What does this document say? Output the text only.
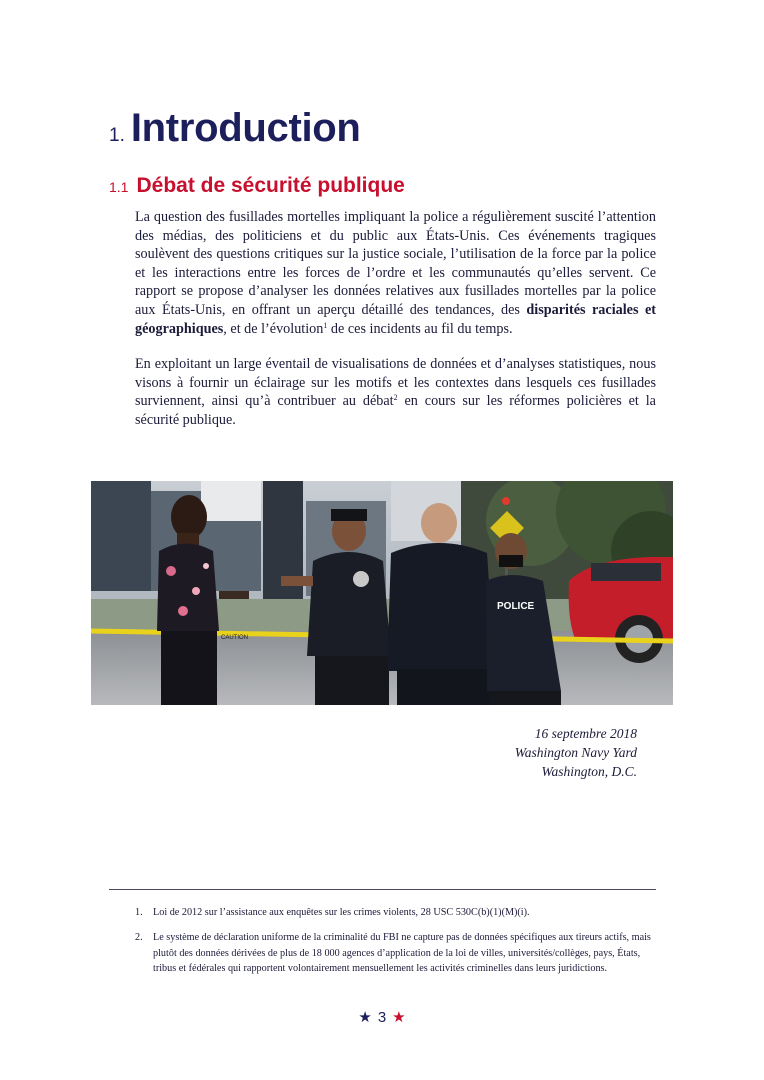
1. Introduction
1.1 Débat de sécurité publique

La question des fusillades mortelles impliquant la police a régulièrement suscité l’attention des médias, des politiciens et du public aux États-Unis. Ces événements tragiques soulèvent des questions critiques sur la justice sociale, l’utilisation de la force par la police et les interactions entre les forces de l’ordre et les communautés qu’elles servent. Ce rapport se propose d’analyser les données relatives aux fusillades mortelles par la police aux États-Unis, en offrant un aperçu détaillé des tendances, des disparités raciales et géographiques, et de l’évolution$^1$ de ces incidents au fil du temps.

En exploitant un large éventail de visualisations de données et d’analyses statistiques, nous visons à fournir un éclairage sur les motifs et les contextes dans lesquels ces fusillades surviennent, ainsi qu’à contribuer au débat$^2$ en cours sur les réformes policières et la sécurité publique.

POLICE
CAUTION
16 septembre 2018
Washington Navy Yard
Washington, D.C.
1. Loi de 2012 sur l’assistance aux enquêtes sur les crimes violents, 28 USC 530C(b)(1)(M)(i).
2. Le système de déclaration uniforme de la criminalité du FBI ne capture pas de données spécifiques aux tireurs actifs, mais plutôt des données dérivées de plus de 18 000 agences d’application de la loi de villes, universités/collèges, pays, États, tribus et fédérales qui rapportent volontairement mensuellement les activités criminelles dans leurs juridictions.
★ 3 ★
